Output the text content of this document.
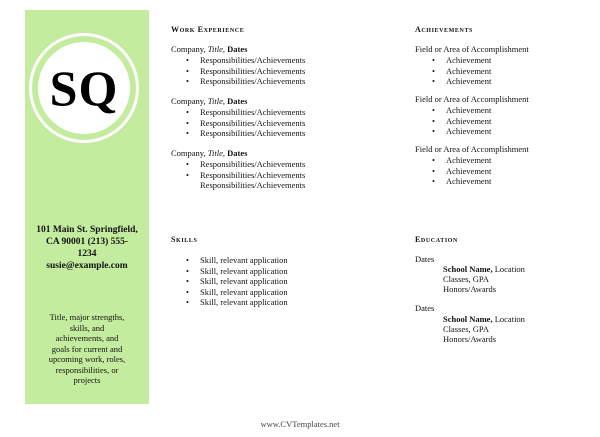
SQ
101 Main St. Springfield,
CA 90001 (213) 555-
1234
susie@example.com
Title, major strengths,
skills, and
achievements, and
goals for current and
upcoming work, roles,
responsibilities, or
projects
Work Experience
Company, Title, Dates
• Responsibilities/Achievements
• Responsibilities/Achievements
• Responsibilities/Achievements
Company, Title, Dates
• Responsibilities/Achievements
• Responsibilities/Achievements
• Responsibilities/Achievements
Company, Title, Dates
• Responsibilities/Achievements
• Responsibilities/Achievements
Responsibilities/Achievements
Achievements
Field or Area of Accomplishment
• Achievement
• Achievement
• Achievement
Field or Area of Accomplishment
• Achievement
• Achievement
• Achievement
Field or Area of Accomplishment
• Achievement
• Achievement
• Achievement
Skills
• Skill, relevant application
• Skill, relevant application
• Skill, relevant application
• Skill, relevant application
• Skill, relevant application
Education
Dates
School Name, Location
Classes, GPA
Honors/Awards
Dates
School Name, Location
Classes, GPA
Honors/Awards
www.CVTemplates.net
